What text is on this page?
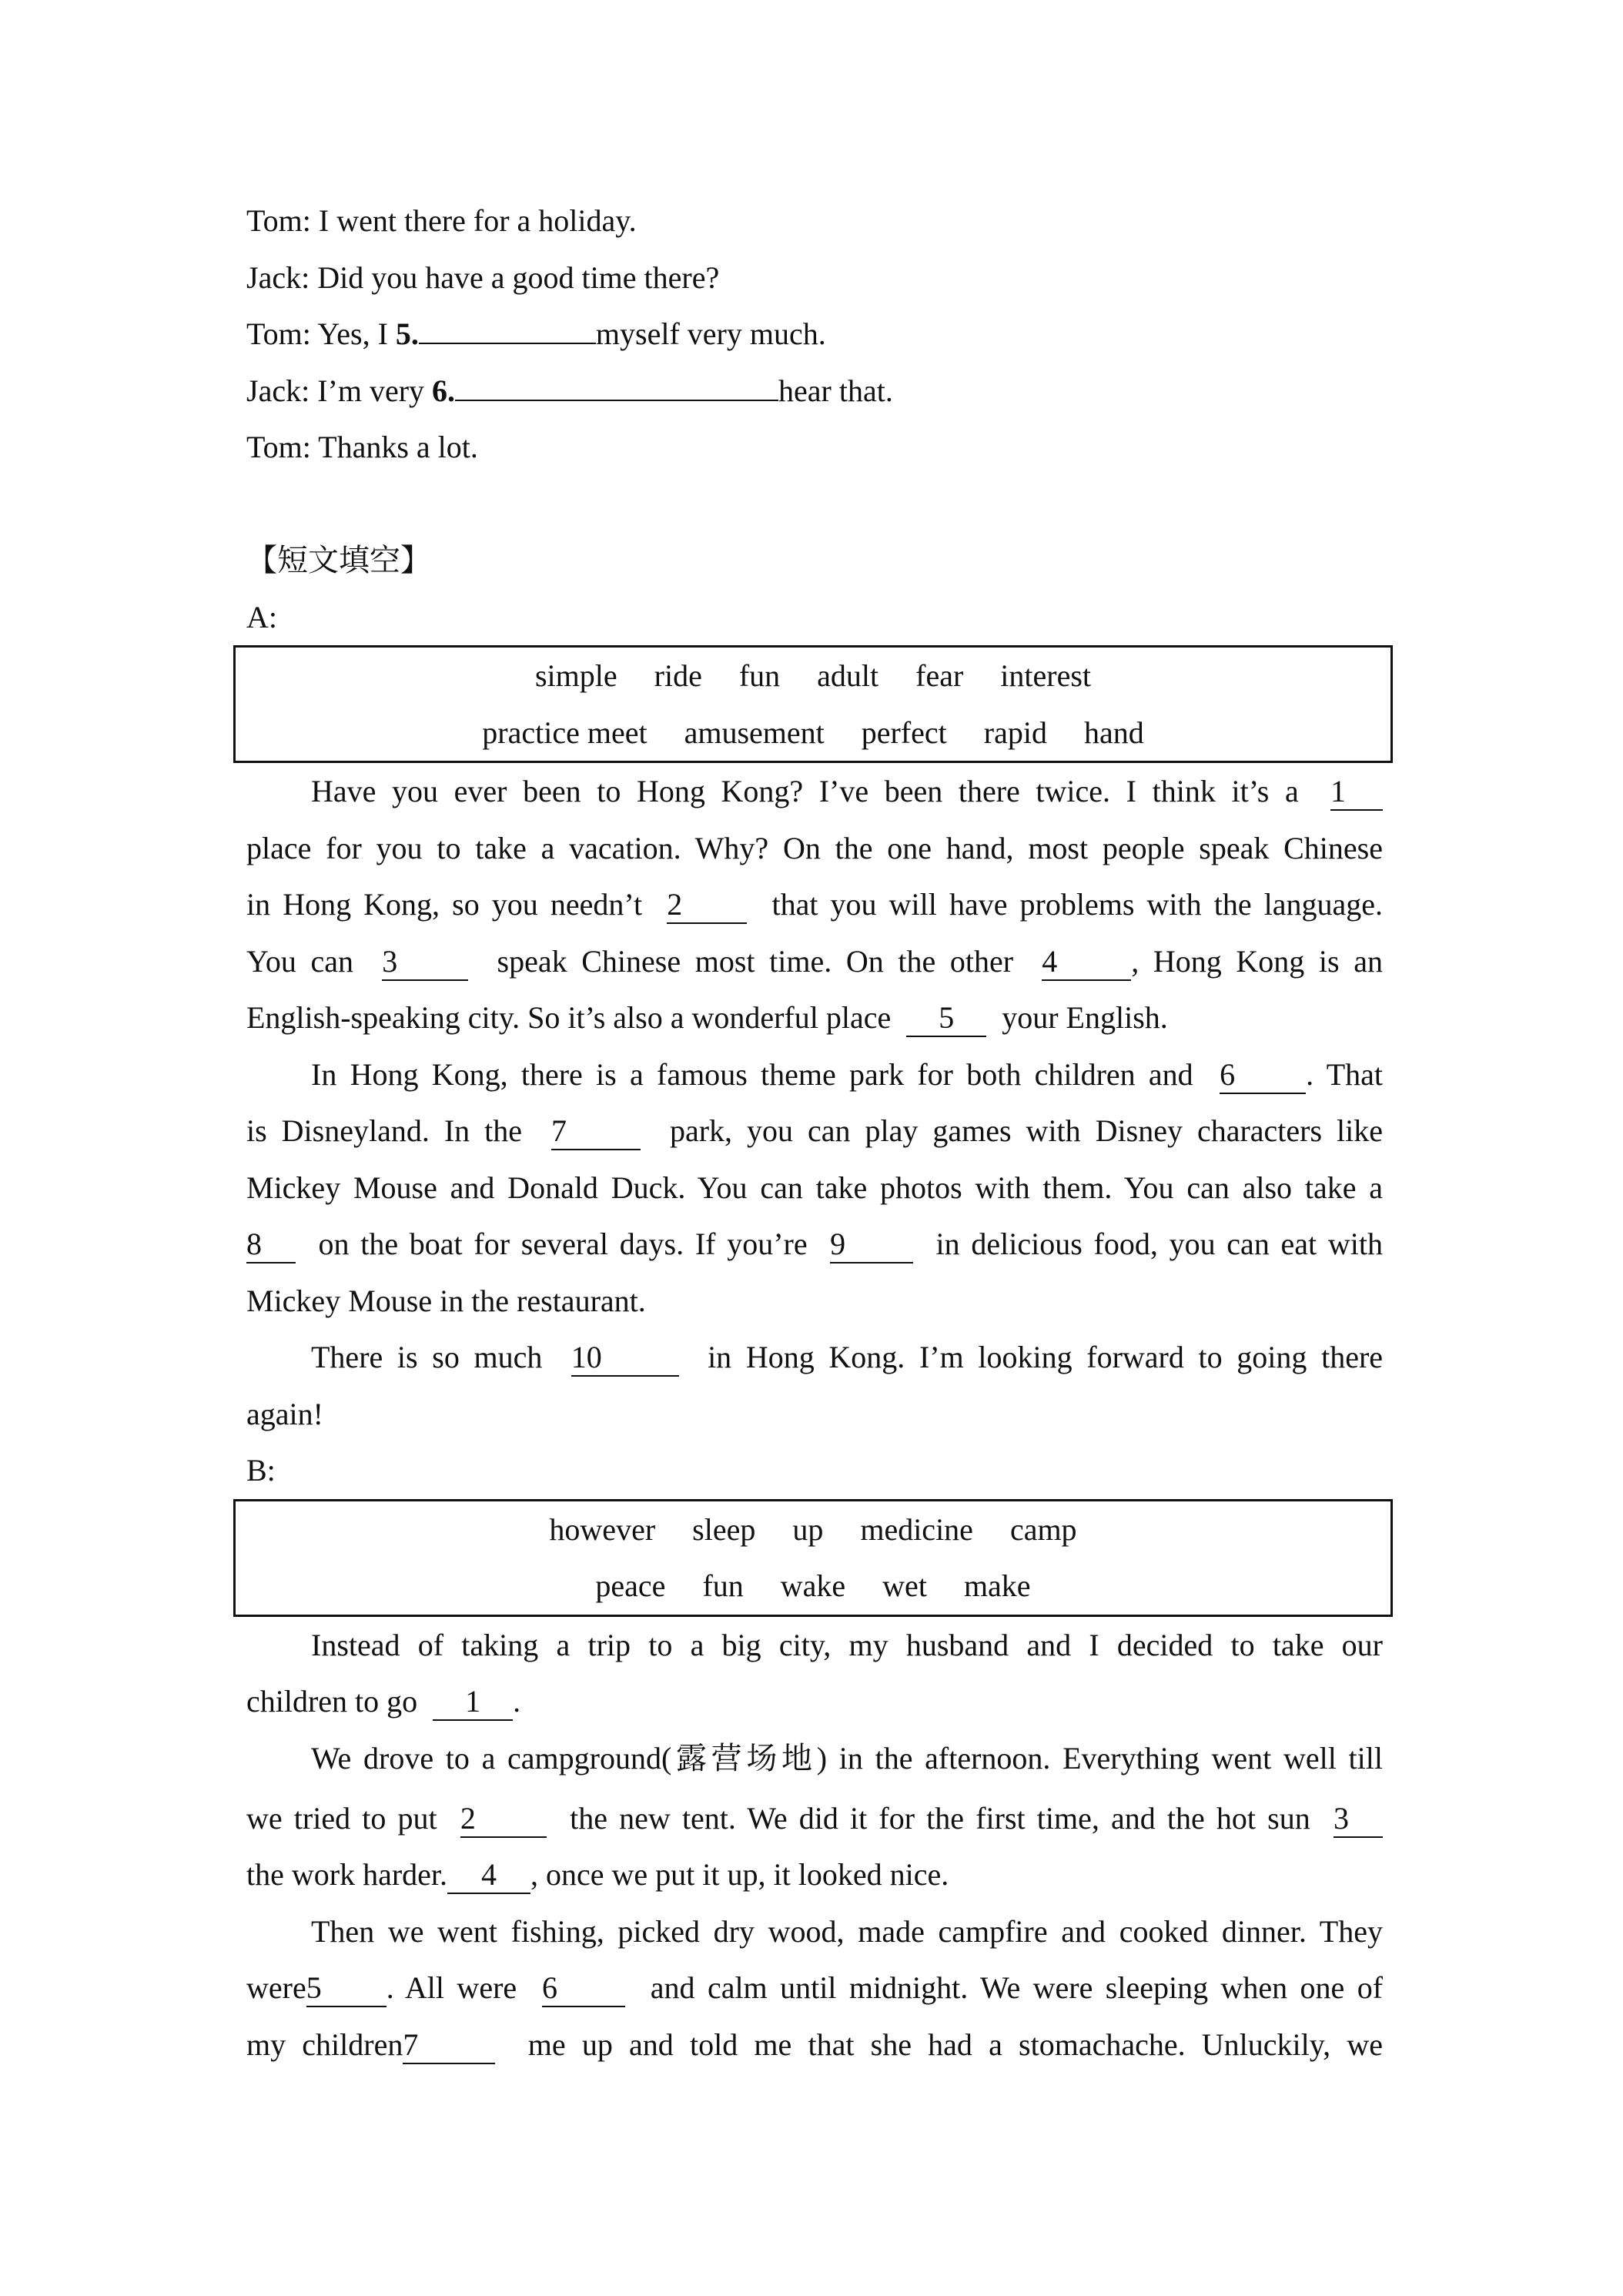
Tom: I went there for a holiday.
Jack: Did you have a good time there?
Tom: Yes, I 5.	myself very much.
Jack: I’m very 6.	hear that.
Tom: Thanks a lot.
【短文填空】
A:
simple ride fun adult fear interest
practice meet amusement perfect rapid hand
Have you ever been to Hong Kong? I’ve been there twice. I think it’s a 1
place for you to take a vacation. Why? On the one hand, most people speak Chinese
in Hong Kong, so you needn’t 2	that you will have problems with the language.
You can 3	speak Chinese most time. On the other 4 , Hong Kong is an
English-speaking city. So it’s also a wonderful place 5 your English.
In Hong Kong, there is a famous theme park for both children and 6 . That
is Disneyland. In the 7	park, you can play games with Disney characters like
Mickey Mouse and Donald Duck. You can take photos with them. You can also take a
8 on the boat for several days. If you’re 9	in delicious food, you can eat with
Mickey Mouse in the restaurant.
There is so much 10	in Hong Kong. I’m looking forward to going there
again!
B:
however sleep up medicine camp
peace fun wake wet make
Instead of taking a trip to a big city, my husband and I decided to take our
children to go 1 .
We drove to a campground(露营场地) in the afternoon. Everything went well till
we tried to put 2	the new tent. We did it for the first time, and the hot sun 3
the work harder. 4 , once we put it up, it looked nice.
Then we went fishing, picked dry wood, made campfire and cooked dinner. They
were5 . All were 6	and calm until midnight. We were sleeping when one of
my children7	me up and told me that she had a stomachache. Unluckily, we
